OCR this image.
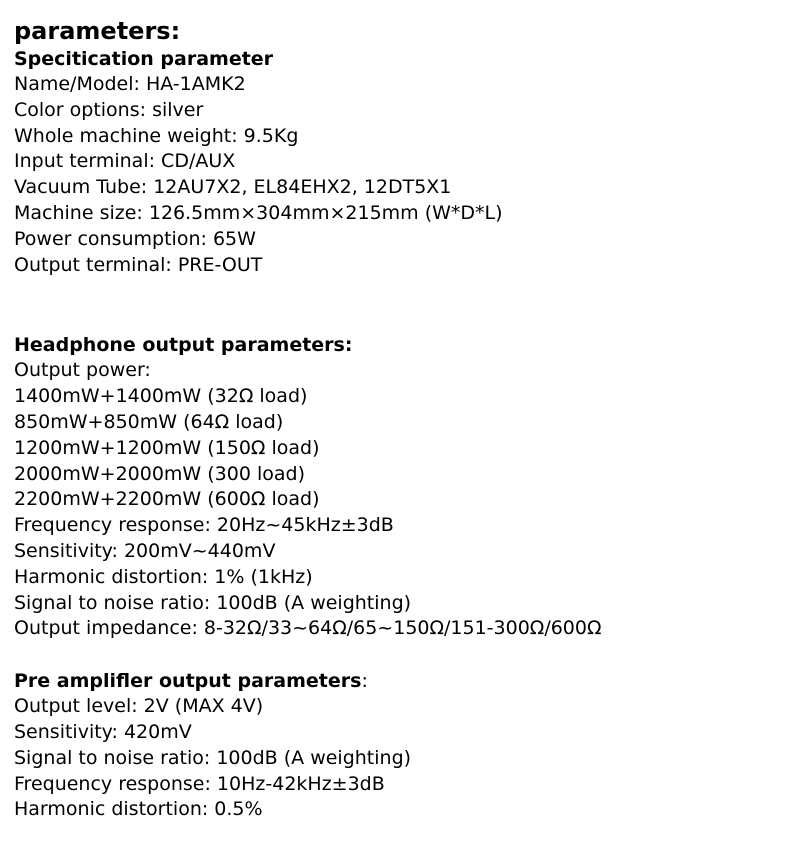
parameters:
Specitication parameter

Name/Model: HA-1AMK2

Color options: silver

Whole machine weight: 9.5Kg

Input terminal: CD/AUX

Vacuum Tube: 12AU7X2, EL84EHX2, 12DT5X1

Machine size: 126.5mm×304mm×215mm (W*D*L)

Power consumption: 65W

Output terminal: PRE-OUT

Headphone output parameters:

Output power:

1400mW+1400mW (32Ω load)

850mW+850mW (64Ω load)

1200mW+1200mW (150Ω load)

2000mW+2000mW (300 load)

2200mW+2200mW (600Ω load)

Frequency response: 20Hz~45kHz±3dB

Sensitivity: 200mV~440mV

Harmonic distortion: 1% (1kHz)

Signal to noise ratio: 100dB (A weighting)

Output impedance: 8-32Ω/33~64Ω/65~150Ω/151-300Ω/600Ω

Pre amplifler output parameters:

Output level: 2V (MAX 4V)

Sensitivity: 420mV

Signal to noise ratio: 100dB (A weighting)

Frequency response: 10Hz-42kHz±3dB

Harmonic distortion: 0.5%
